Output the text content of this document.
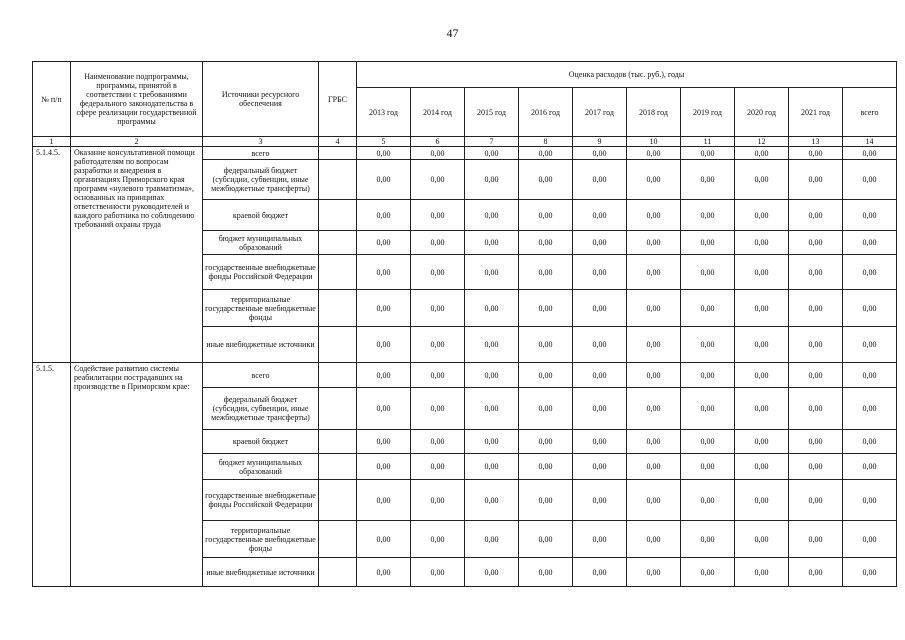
47
№ п/п	Наименование подпрограммы, программы, принятой в соответствии с требованиями федерального законодательства в сфере реализации государственной программы	Источники ресурсного обеспечения	ГРБС	Оценка расходов (тыс. руб.), годы									
				2013 год	2014 год	2015 год	2016 год	2017 год	2018 год	2019 год	2020 год	2021 год	всего
1	2	3	4	5	6	7	8	9	10	11	12	13	14
5.1.4.5.	Оказание консультативной помощи работодателям по вопросам разработки и внедрения в организациях Приморского края программ «нулевого травматизма», основанных на принципах ответственности руководителей и каждого работника по соблюдению требований охраны труда	всего		0,00	0,00	0,00	0,00	0,00	0,00	0,00	0,00	0,00	0,00
		федеральный бюджет (субсидии, субвенции, иные межбюджетные трансферты)		0,00	0,00	0,00	0,00	0,00	0,00	0,00	0,00	0,00	0,00
		краевой бюджет		0,00	0,00	0,00	0,00	0,00	0,00	0,00	0,00	0,00	0,00
		бюджет муниципальных образований		0,00	0,00	0,00	0,00	0,00	0,00	0,00	0,00	0,00	0,00
		государственные внебюджетные фонды Российской Федерации		0,00	0,00	0,00	0,00	0,00	0,00	0,00	0,00	0,00	0,00
		территориальные государственные внебюджетные фонды		0,00	0,00	0,00	0,00	0,00	0,00	0,00	0,00	0,00	0,00
		иные внебюджетные источники		0,00	0,00	0,00	0,00	0,00	0,00	0,00	0,00	0,00	0,00
5.1.5.	Содействие развитию системы реабилитации пострадавших на производстве в Приморском крае:	всего		0,00	0,00	0,00	0,00	0,00	0,00	0,00	0,00	0,00	0,00
		федеральный бюджет (субсидии, субвенции, иные межбюджетные трансферты)		0,00	0,00	0,00	0,00	0,00	0,00	0,00	0,00	0,00	0,00
		краевой бюджет		0,00	0,00	0,00	0,00	0,00	0,00	0,00	0,00	0,00	0,00
		бюджет муниципальных образований		0,00	0,00	0,00	0,00	0,00	0,00	0,00	0,00	0,00	0,00
		государственные внебюджетные фонды Российской Федерации		0,00	0,00	0,00	0,00	0,00	0,00	0,00	0,00	0,00	0,00
		территориальные государственные внебюджетные фонды		0,00	0,00	0,00	0,00	0,00	0,00	0,00	0,00	0,00	0,00
		иные внебюджетные источники		0,00	0,00	0,00	0,00	0,00	0,00	0,00	0,00	0,00	0,00
